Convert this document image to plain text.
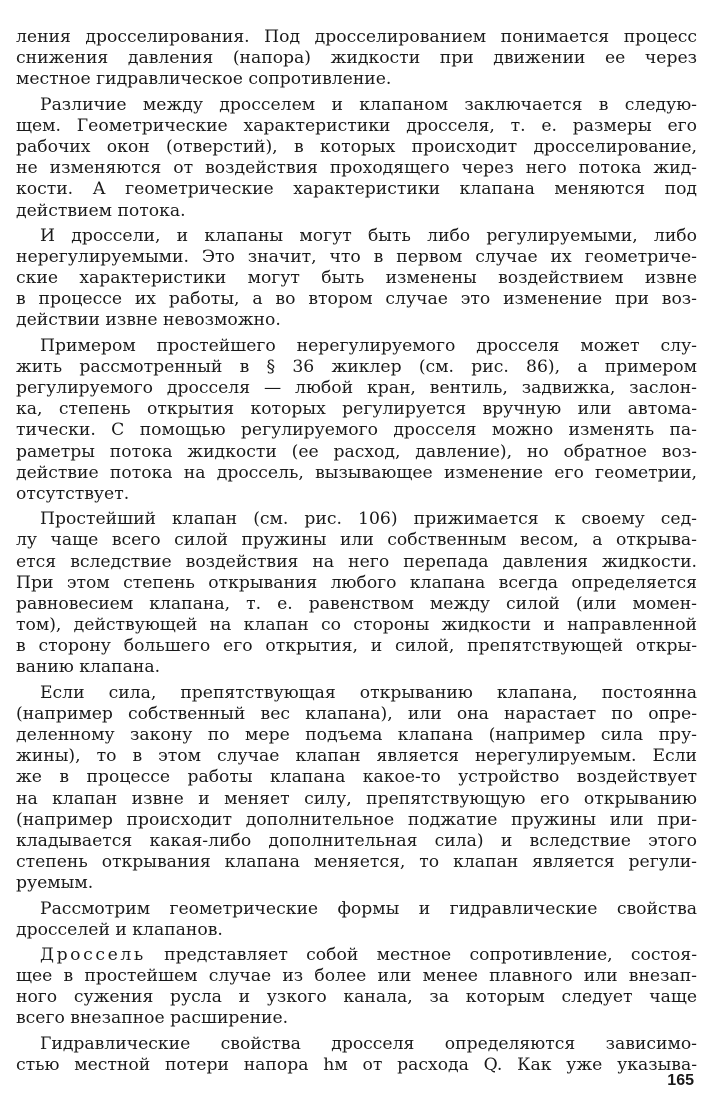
ления дросселирования. Под дросселированием понимается процесс
снижения давления (напора) жидкости при движении ее через
местное гидравлическое сопротивление.
Различие между дросселем и клапаном заключается в следую-
щем. Геометрические характеристики дросселя, т. е. размеры его
рабочих окон (отверстий), в которых происходит дросселирование,
не изменяются от воздействия проходящего через него потока жид-
кости. А геометрические характеристики клапана меняются под
действием потока.
И дроссели, и клапаны могут быть либо регулируемыми, либо
нерегулируемыми. Это значит, что в первом случае их геометриче-
ские характеристики могут быть изменены воздействием извне
в процессе их работы, а во втором случае это изменение при воз-
действии извне невозможно.
Примером простейшего нерегулируемого дросселя может слу-
жить рассмотренный в § 36 жиклер (см. рис. 86), а примером
регулируемого дросселя — любой кран, вентиль, задвижка, заслон-
ка, степень открытия которых регулируется вручную или автома-
тически. С помощью регулируемого дросселя можно изменять па-
раметры потока жидкости (ее расход, давление), но обратное воз-
действие потока на дроссель, вызывающее изменение его геометрии,
отсутствует.
Простейший клапан (см. рис. 106) прижимается к своему сед-
лу чаще всего силой пружины или собственным весом, а открыва-
ется вследствие воздействия на него перепада давления жидкости.
При этом степень открывания любого клапана всегда определяется
равновесием клапана, т. е. равенством между силой (или момен-
том), действующей на клапан со стороны жидкости и направленной
в сторону большего его открытия, и силой, препятствующей откры-
ванию клапана.
Если сила, препятствующая открыванию клапана, постоянна
(например собственный вес клапана), или она нарастает по опре-
деленному закону по мере подъема клапана (например сила пру-
жины), то в этом случае клапан является нерегулируемым. Если
же в процессе работы клапана какое-то устройство воздействует
на клапан извне и меняет силу, препятствующую его открыванию
(например происходит дополнительное поджатие пружины или при-
кладывается какая-либо дополнительная сила) и вследствие этого
степень открывания клапана меняется, то клапан является регули-
руемым.
Рассмотрим геометрические формы и гидравлические свойства
дросселей и клапанов.
Дроссель представляет собой местное сопротивление, состоя-
щее в простейшем случае из более или менее плавного или внезап-
ного сужения русла и узкого канала, за которым следует чаще
всего внезапное расширение.
Гидравлические свойства дросселя определяются зависимо-
стью местной потери напора hм от расхода Q. Как уже указыва-
165
